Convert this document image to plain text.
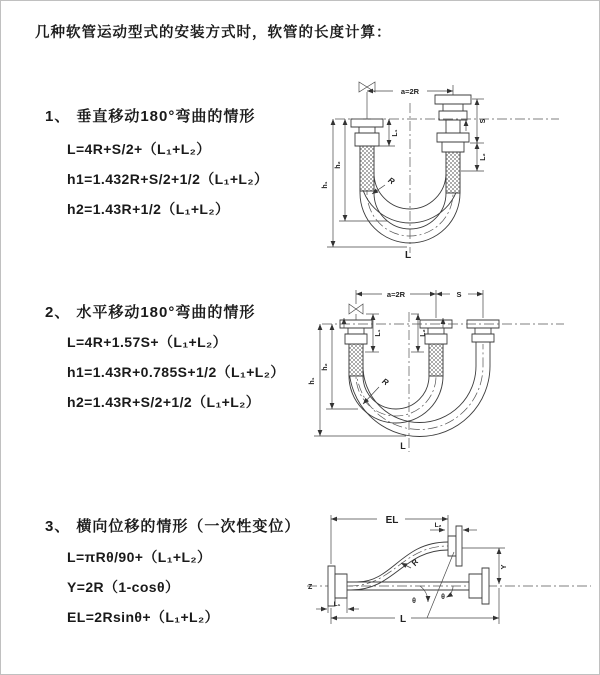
几种软管运动型式的安装方式时，软管的长度计算：
1、 垂直移动180°弯曲的情形
L=4R+S/2+（L₁+L₂）
h1=1.432R+S/2+1/2（L₁+L₂）
h2=1.43R+1/2（L₁+L₂）
2、 水平移动180°弯曲的情形
L=4R+1.57S+（L₁+L₂）
h1=1.43R+0.785S+1/2（L₁+L₂）
h2=1.43R+S/2+1/2（L₁+L₂）
3、 横向位移的情形（一次性变位）
L=πRθ/90+（L₁+L₂）
Y=2R（1-cosθ）
EL=2Rsinθ+（L₁+L₂）
a=2R
S
L₂
L₁
h₂
h₁	R
L
a=2R	S
L₁	L₂
h₂
h₁	R
L
Z
θ
θ
R
EL	L₂
Y
L₁
L
